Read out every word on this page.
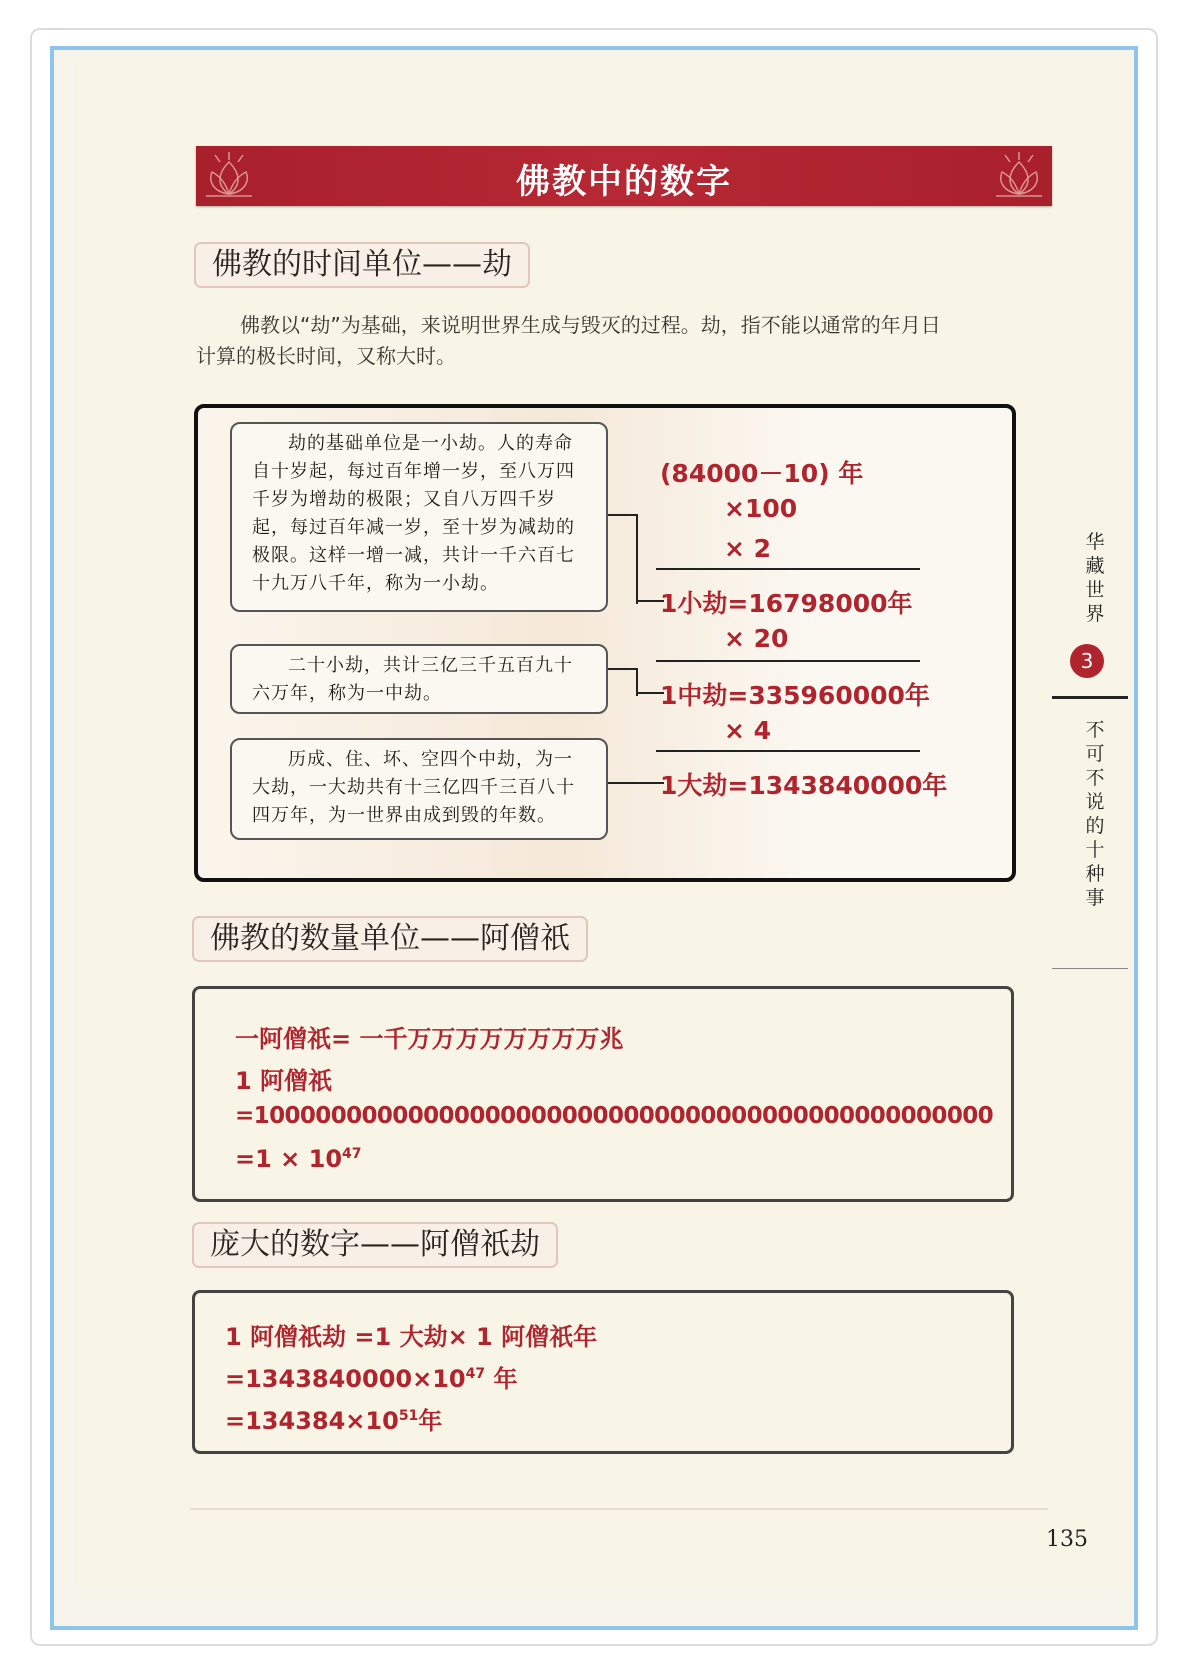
佛教中的数字
佛教的时间单位——劫
佛教以“劫”为基础，来说明世界生成与毁灭的过程。劫，指不能以通常的年月日
计算的极长时间，又称大时。
劫的基础单位是一小劫。人的寿命自十岁起，每过百年增一岁，至八万四千岁为增劫的极限；又自八万四千岁起，每过百年减一岁，至十岁为减劫的极限。这样一增一减，共计一千六百七十九万八千年，称为一小劫。
二十小劫，共计三亿三千五百九十六万年，称为一中劫。
历成、住、坏、空四个中劫，为一大劫，一大劫共有十三亿四千三百八十四万年，为一世界由成到毁的年数。
(84000－10) 年
×100
× 2
1小劫=16798000年
× 20
1中劫=335960000年
× 4
1大劫=1343840000年
佛教的数量单位——阿僧祇
一阿僧祇= 一千万万万万万万万万兆
1 阿僧祇
=100000000000000000000000000000000000000000000000
$=1 \times 10^{47}$
庞大的数字——阿僧祇劫
1 阿僧祇劫 =1 大劫× 1 阿僧祇年
$=1343840000\times 10^{47}$ 年
$=134384\times 10^{51}$年
华藏世界
3
不可不说的十种事
135
